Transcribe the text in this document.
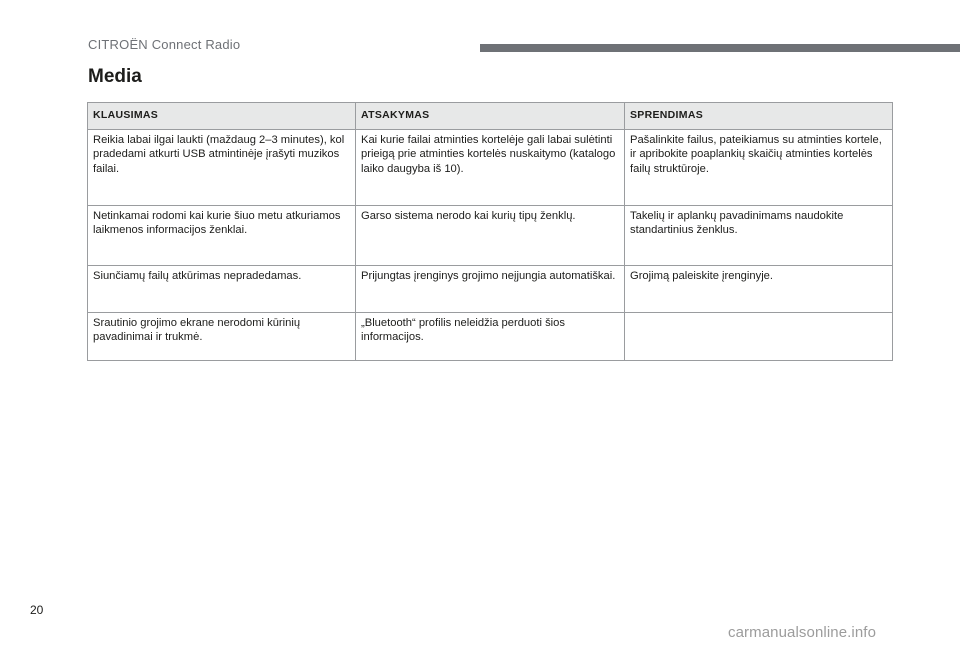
CITROËN Connect Radio
Media
KLAUSIMAS	ATSAKYMAS	SPRENDIMAS
Reikia labai ilgai laukti (maždaug 2–3 minutes), kol pradedami atkurti USB atmintinėje įrašyti muzikos failai.	Kai kurie failai atminties kortelėje gali labai sulėtinti prieigą prie atminties kortelės nuskaitymo (katalogo laiko daugyba iš 10).	Pašalinkite failus, pateikiamus su atminties kortele, ir apribokite poaplankių skaičių atminties kortelės failų struktūroje.
Netinkamai rodomi kai kurie šiuo metu atkuriamos laikmenos informacijos ženklai.	Garso sistema nerodo kai kurių tipų ženklų.	Takelių ir aplankų pavadinimams naudokite standartinius ženklus.
Siunčiamų failų atkūrimas nepradedamas.	Prijungtas įrenginys grojimo neįjungia automatiškai.	Grojimą paleiskite įrenginyje.
Srautinio grojimo ekrane nerodomi kūrinių pavadinimai ir trukmė.	„Bluetooth“ profilis neleidžia perduoti šios informacijos.	
20
carmanualsonline.info
